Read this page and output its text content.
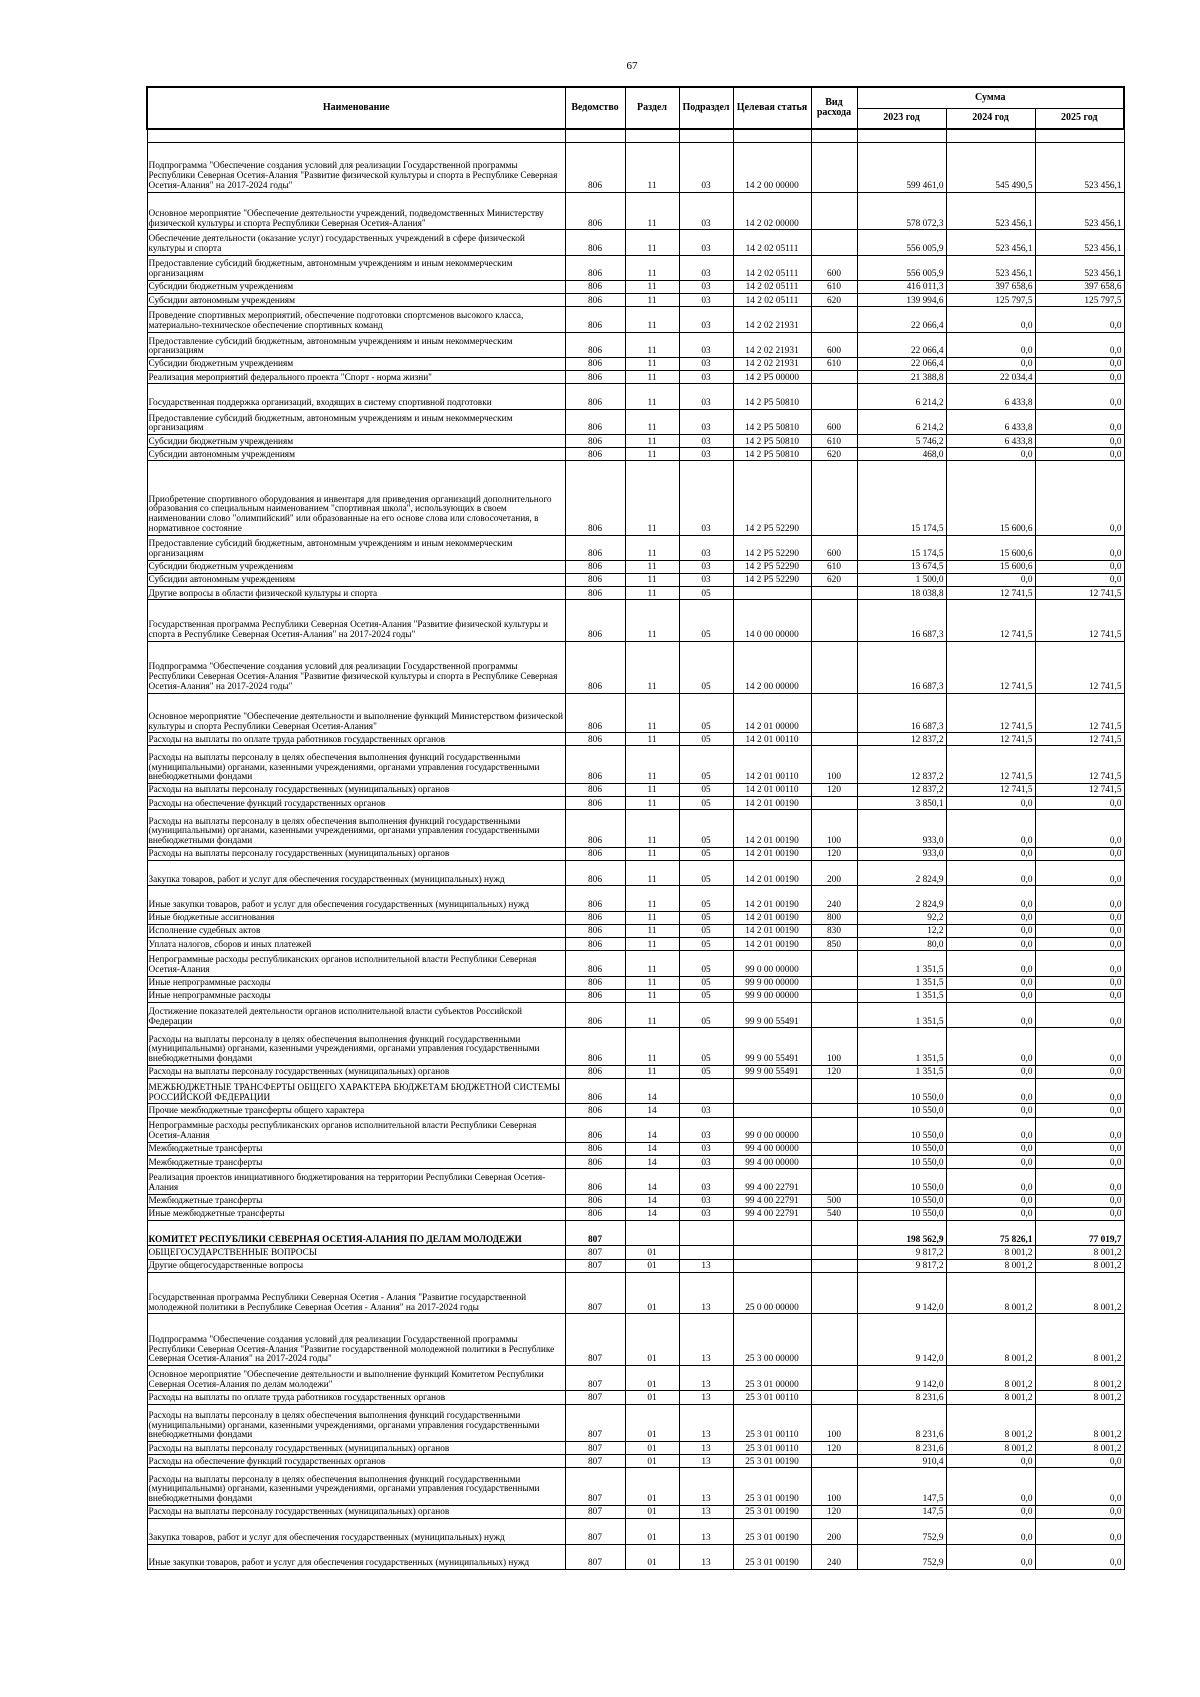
67
Наименование	Ведомство	Раздел	Подраздел	Целевая статья	Вид расхода	Сумма		
						2023 год	2024 год	2025 год

Подпрограмма "Обеспечение создания условий для реализации Государственной программы Республики Северная Осетия-Алания "Развитие физической культуры и спорта в Республике Северная Осетия-Алания" на 2017-2024 годы"	806	11	03	14 2 00 00000		599 461,0	545 490,5	523 456,1
Основное мероприятие "Обеспечение деятельности учреждений, подведомственных Министерству физической культуры и спорта Республики Северная Осетия-Алания"	806	11	03	14 2 02 00000		578 072,3	523 456,1	523 456,1
Обеспечение деятельности (оказание услуг) государственных учреждений в сфере физической культуры и спорта	806	11	03	14 2 02 05111		556 005,9	523 456,1	523 456,1
Предоставление субсидий бюджетным, автономным учреждениям и иным некоммерческим организациям	806	11	03	14 2 02 05111	600	556 005,9	523 456,1	523 456,1
Субсидии бюджетным учреждениям	806	11	03	14 2 02 05111	610	416 011,3	397 658,6	397 658,6
Субсидии автономным учреждениям	806	11	03	14 2 02 05111	620	139 994,6	125 797,5	125 797,5
Проведение спортивных мероприятий, обеспечение подготовки спортсменов высокого класса, материально-техническое обеспечение спортивных команд	806	11	03	14 2 02 21931		22 066,4	0,0	0,0
Предоставление субсидий бюджетным, автономным учреждениям и иным некоммерческим организациям	806	11	03	14 2 02 21931	600	22 066,4	0,0	0,0
Субсидии бюджетным учреждениям	806	11	03	14 2 02 21931	610	22 066,4	0,0	0,0
Реализация мероприятий федерального проекта "Спорт - норма жизни"	806	11	03	14 2 P5 00000		21 388,8	22 034,4	0,0
Государственная поддержка организаций, входящих в систему спортивной подготовки	806	11	03	14 2 P5 50810		6 214,2	6 433,8	0,0
Предоставление субсидий бюджетным, автономным учреждениям и иным некоммерческим организациям	806	11	03	14 2 P5 50810	600	6 214,2	6 433,8	0,0
Субсидии бюджетным учреждениям	806	11	03	14 2 P5 50810	610	5 746,2	6 433,8	0,0
Субсидии автономным учреждениям	806	11	03	14 2 P5 50810	620	468,0	0,0	0,0
Приобретение спортивного оборудования и инвентаря для приведения организаций дополнительного образования со специальным наименованием "спортивная школа", использующих в своем наименовании слово "олимпийский" или образованные на его основе слова или словосочетания, в нормативное состояние	806	11	03	14 2 P5 52290		15 174,5	15 600,6	0,0
Предоставление субсидий бюджетным, автономным учреждениям и иным некоммерческим организациям	806	11	03	14 2 P5 52290	600	15 174,5	15 600,6	0,0
Субсидии бюджетным учреждениям	806	11	03	14 2 P5 52290	610	13 674,5	15 600,6	0,0
Субсидии автономным учреждениям	806	11	03	14 2 P5 52290	620	1 500,0	0,0	0,0
Другие вопросы в области физической культуры и спорта	806	11	05			18 038,8	12 741,5	12 741,5
Государственная программа Республики Северная Осетия-Алания "Развитие физической культуры и спорта в Республике Северная Осетия-Алания" на 2017-2024 годы"	806	11	05	14 0 00 00000		16 687,3	12 741,5	12 741,5
Подпрограмма "Обеспечение создания условий для реализации Государственной программы Республики Северная Осетия-Алания "Развитие физической культуры и спорта в Республике Северная Осетия-Алания" на 2017-2024 годы"	806	11	05	14 2 00 00000		16 687,3	12 741,5	12 741,5
Основное мероприятие "Обеспечение деятельности и выполнение функций Министерством физической культуры и спорта Республики Северная Осетия-Алания"	806	11	05	14 2 01 00000		16 687,3	12 741,5	12 741,5
Расходы на выплаты по оплате труда работников государственных органов	806	11	05	14 2 01 00110		12 837,2	12 741,5	12 741,5
Расходы на выплаты персоналу в целях обеспечения выполнения функций государственными (муниципальными) органами, казенными учреждениями, органами управления государственными внебюджетными фондами	806	11	05	14 2 01 00110	100	12 837,2	12 741,5	12 741,5
Расходы на выплаты персоналу государственных (муниципальных) органов	806	11	05	14 2 01 00110	120	12 837,2	12 741,5	12 741,5
Расходы на обеспечение функций государственных органов	806	11	05	14 2 01 00190		3 850,1	0,0	0,0
Расходы на выплаты персоналу в целях обеспечения выполнения функций государственными (муниципальными) органами, казенными учреждениями, органами управления государственными внебюджетными фондами	806	11	05	14 2 01 00190	100	933,0	0,0	0,0
Расходы на выплаты персоналу государственных (муниципальных) органов	806	11	05	14 2 01 00190	120	933,0	0,0	0,0
Закупка товаров, работ и услуг для обеспечения государственных (муниципальных) нужд	806	11	05	14 2 01 00190	200	2 824,9	0,0	0,0
Иные закупки товаров, работ и услуг для обеспечения государственных (муниципальных) нужд	806	11	05	14 2 01 00190	240	2 824,9	0,0	0,0
Иные бюджетные ассигнования	806	11	05	14 2 01 00190	800	92,2	0,0	0,0
Исполнение судебных актов	806	11	05	14 2 01 00190	830	12,2	0,0	0,0
Уплата налогов, сборов и иных платежей	806	11	05	14 2 01 00190	850	80,0	0,0	0,0
Непрограммные расходы республиканских органов исполнительной власти Республики Северная Осетия-Алания	806	11	05	99 0 00 00000		1 351,5	0,0	0,0
Иные непрограммные расходы	806	11	05	99 9 00 00000		1 351,5	0,0	0,0
Иные непрограммные расходы	806	11	05	99 9 00 00000		1 351,5	0,0	0,0
Достижение показателей деятельности органов исполнительной власти субъектов Российской Федерации	806	11	05	99 9 00 55491		1 351,5	0,0	0,0
Расходы на выплаты персоналу в целях обеспечения выполнения функций государственными (муниципальными) органами, казенными учреждениями, органами управления государственными внебюджетными фондами	806	11	05	99 9 00 55491	100	1 351,5	0,0	0,0
Расходы на выплаты персоналу государственных (муниципальных) органов	806	11	05	99 9 00 55491	120	1 351,5	0,0	0,0
МЕЖБЮДЖЕТНЫЕ ТРАНСФЕРТЫ ОБЩЕГО ХАРАКТЕРА БЮДЖЕТАМ БЮДЖЕТНОЙ СИСТЕМЫ РОССИЙСКОЙ ФЕДЕРАЦИИ	806	14				10 550,0	0,0	0,0
Прочие межбюджетные трансферты общего характера	806	14	03			10 550,0	0,0	0,0
Непрограммные расходы республиканских органов исполнительной власти Республики Северная Осетия-Алания	806	14	03	99 0 00 00000		10 550,0	0,0	0,0
Межбюджетные трансферты	806	14	03	99 4 00 00000		10 550,0	0,0	0,0
Межбюджетные трансферты	806	14	03	99 4 00 00000		10 550,0	0,0	0,0
Реализация проектов инициативного бюджетирования на территории Республики Северная Осетия-Алания	806	14	03	99 4 00 22791		10 550,0	0,0	0,0
Межбюджетные трансферты	806	14	03	99 4 00 22791	500	10 550,0	0,0	0,0
Иные межбюджетные трансферты	806	14	03	99 4 00 22791	540	10 550,0	0,0	0,0
КОМИТЕТ РЕСПУБЛИКИ СЕВЕРНАЯ ОСЕТИЯ-АЛАНИЯ ПО ДЕЛАМ МОЛОДЕЖИ	807					198 562,9	75 826,1	77 019,7
ОБЩЕГОСУДАРСТВЕННЫЕ ВОПРОСЫ	807	01				9 817,2	8 001,2	8 001,2
Другие общегосударственные вопросы	807	01	13			9 817,2	8 001,2	8 001,2
Государственная программа Республики Северная Осетия - Алания "Развитие государственной молодежной политики в Республике Северная Осетия - Алания" на 2017-2024 годы	807	01	13	25 0 00 00000		9 142,0	8 001,2	8 001,2
Подпрограмма "Обеспечение создания условий для реализации Государственной программы Республики Северная Осетия-Алания "Развитие государственной молодежной политики в Республике Северная Осетия-Алания" на 2017-2024 годы"	807	01	13	25 3 00 00000		9 142,0	8 001,2	8 001,2
Основное мероприятие "Обеспечение деятельности и выполнение функций Комитетом Республики Северная Осетия-Алания по делам молодежи"	807	01	13	25 3 01 00000		9 142,0	8 001,2	8 001,2
Расходы на выплаты по оплате труда работников государственных органов	807	01	13	25 3 01 00110		8 231,6	8 001,2	8 001,2
Расходы на выплаты персоналу в целях обеспечения выполнения функций государственными (муниципальными) органами, казенными учреждениями, органами управления государственными внебюджетными фондами	807	01	13	25 3 01 00110	100	8 231,6	8 001,2	8 001,2
Расходы на выплаты персоналу государственных (муниципальных) органов	807	01	13	25 3 01 00110	120	8 231,6	8 001,2	8 001,2
Расходы на обеспечение функций государственных органов	807	01	13	25 3 01 00190		910,4	0,0	0,0
Расходы на выплаты персоналу в целях обеспечения выполнения функций государственными (муниципальными) органами, казенными учреждениями, органами управления государственными внебюджетными фондами	807	01	13	25 3 01 00190	100	147,5	0,0	0,0
Расходы на выплаты персоналу государственных (муниципальных) органов	807	01	13	25 3 01 00190	120	147,5	0,0	0,0
Закупка товаров, работ и услуг для обеспечения государственных (муниципальных) нужд	807	01	13	25 3 01 00190	200	752,9	0,0	0,0
Иные закупки товаров, работ и услуг для обеспечения государственных (муниципальных) нужд	807	01	13	25 3 01 00190	240	752,9	0,0	0,0
